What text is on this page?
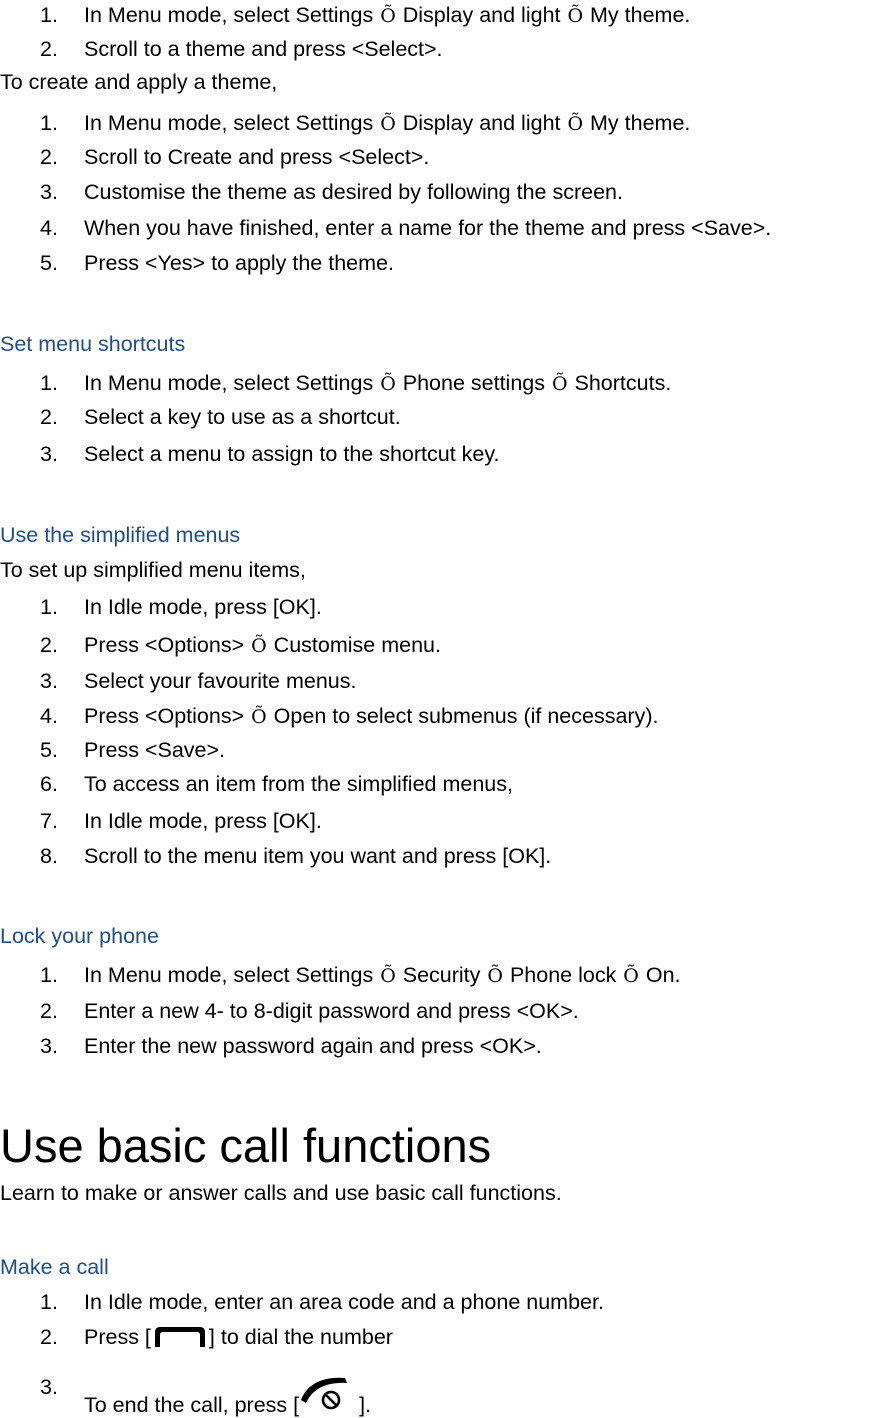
1.	In Menu mode, select Settings Õ Display and light Õ My theme.
2.	Scroll to a theme and press <Select>.
To create and apply a theme,
1.	In Menu mode, select Settings Õ Display and light Õ My theme.
2.	Scroll to Create and press <Select>.
3.	Customise the theme as desired by following the screen.
4.	When you have finished, enter a name for the theme and press <Save>.
5.	Press <Yes> to apply the theme.
Set menu shortcuts
1.	In Menu mode, select Settings Õ Phone settings Õ Shortcuts.
2.	Select a key to use as a shortcut.
3.	Select a menu to assign to the shortcut key.
Use the simplified menus
To set up simplified menu items,
1.	In Idle mode, press [OK].
2.	Press <Options> Õ Customise menu.
3.	Select your favourite menus.
4.	Press <Options> Õ Open to select submenus (if necessary).
5.	Press <Save>.
6.	To access an item from the simplified menus,
7.	In Idle mode, press [OK].
8.	Scroll to the menu item you want and press [OK].
Lock your phone
1.	In Menu mode, select Settings Õ Security Õ Phone lock Õ On.
2.	Enter a new 4- to 8-digit password and press <OK>.
3.	Enter the new password again and press <OK>.
Use basic call functions
Learn to make or answer calls and use basic call functions.
Make a call
1.	In Idle mode, enter an area code and a phone number.
2.	Press [	] to dial the number
3.
To end the call, press [	].
